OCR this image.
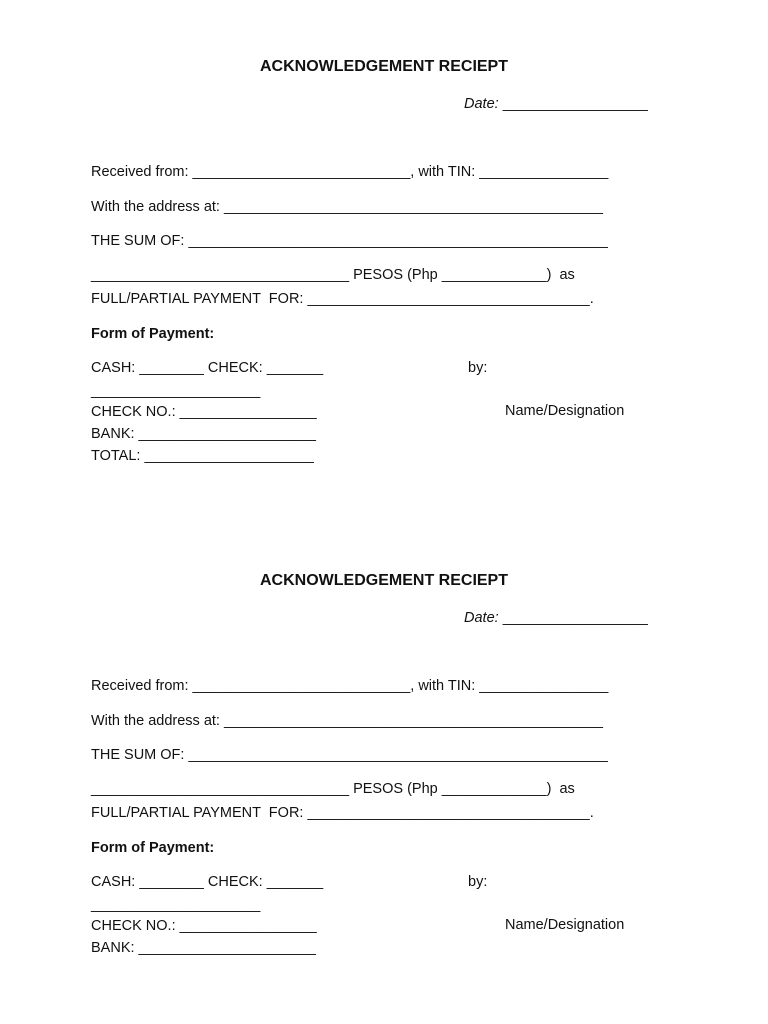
ACKNOWLEDGEMENT RECIEPT
Date: __________________
Received from: ___________________________, with TIN: ________________
With the address at: _______________________________________________
THE SUM OF: ____________________________________________________
________________________________ PESOS (Php _____________)  as
FULL/PARTIAL PAYMENT  FOR: ___________________________________.
Form of Payment:
CASH: ________ CHECK: _______	by:
_____________________
CHECK NO.: _________________	Name/Designation
BANK: ______________________
TOTAL: _____________________
ACKNOWLEDGEMENT RECIEPT
Date: __________________
Received from: ___________________________, with TIN: ________________
With the address at: _______________________________________________
THE SUM OF: ____________________________________________________
________________________________ PESOS (Php _____________)  as
FULL/PARTIAL PAYMENT  FOR: ___________________________________.
Form of Payment:
CASH: ________ CHECK: _______	by:
_____________________
CHECK NO.: _________________	Name/Designation
BANK: ______________________
